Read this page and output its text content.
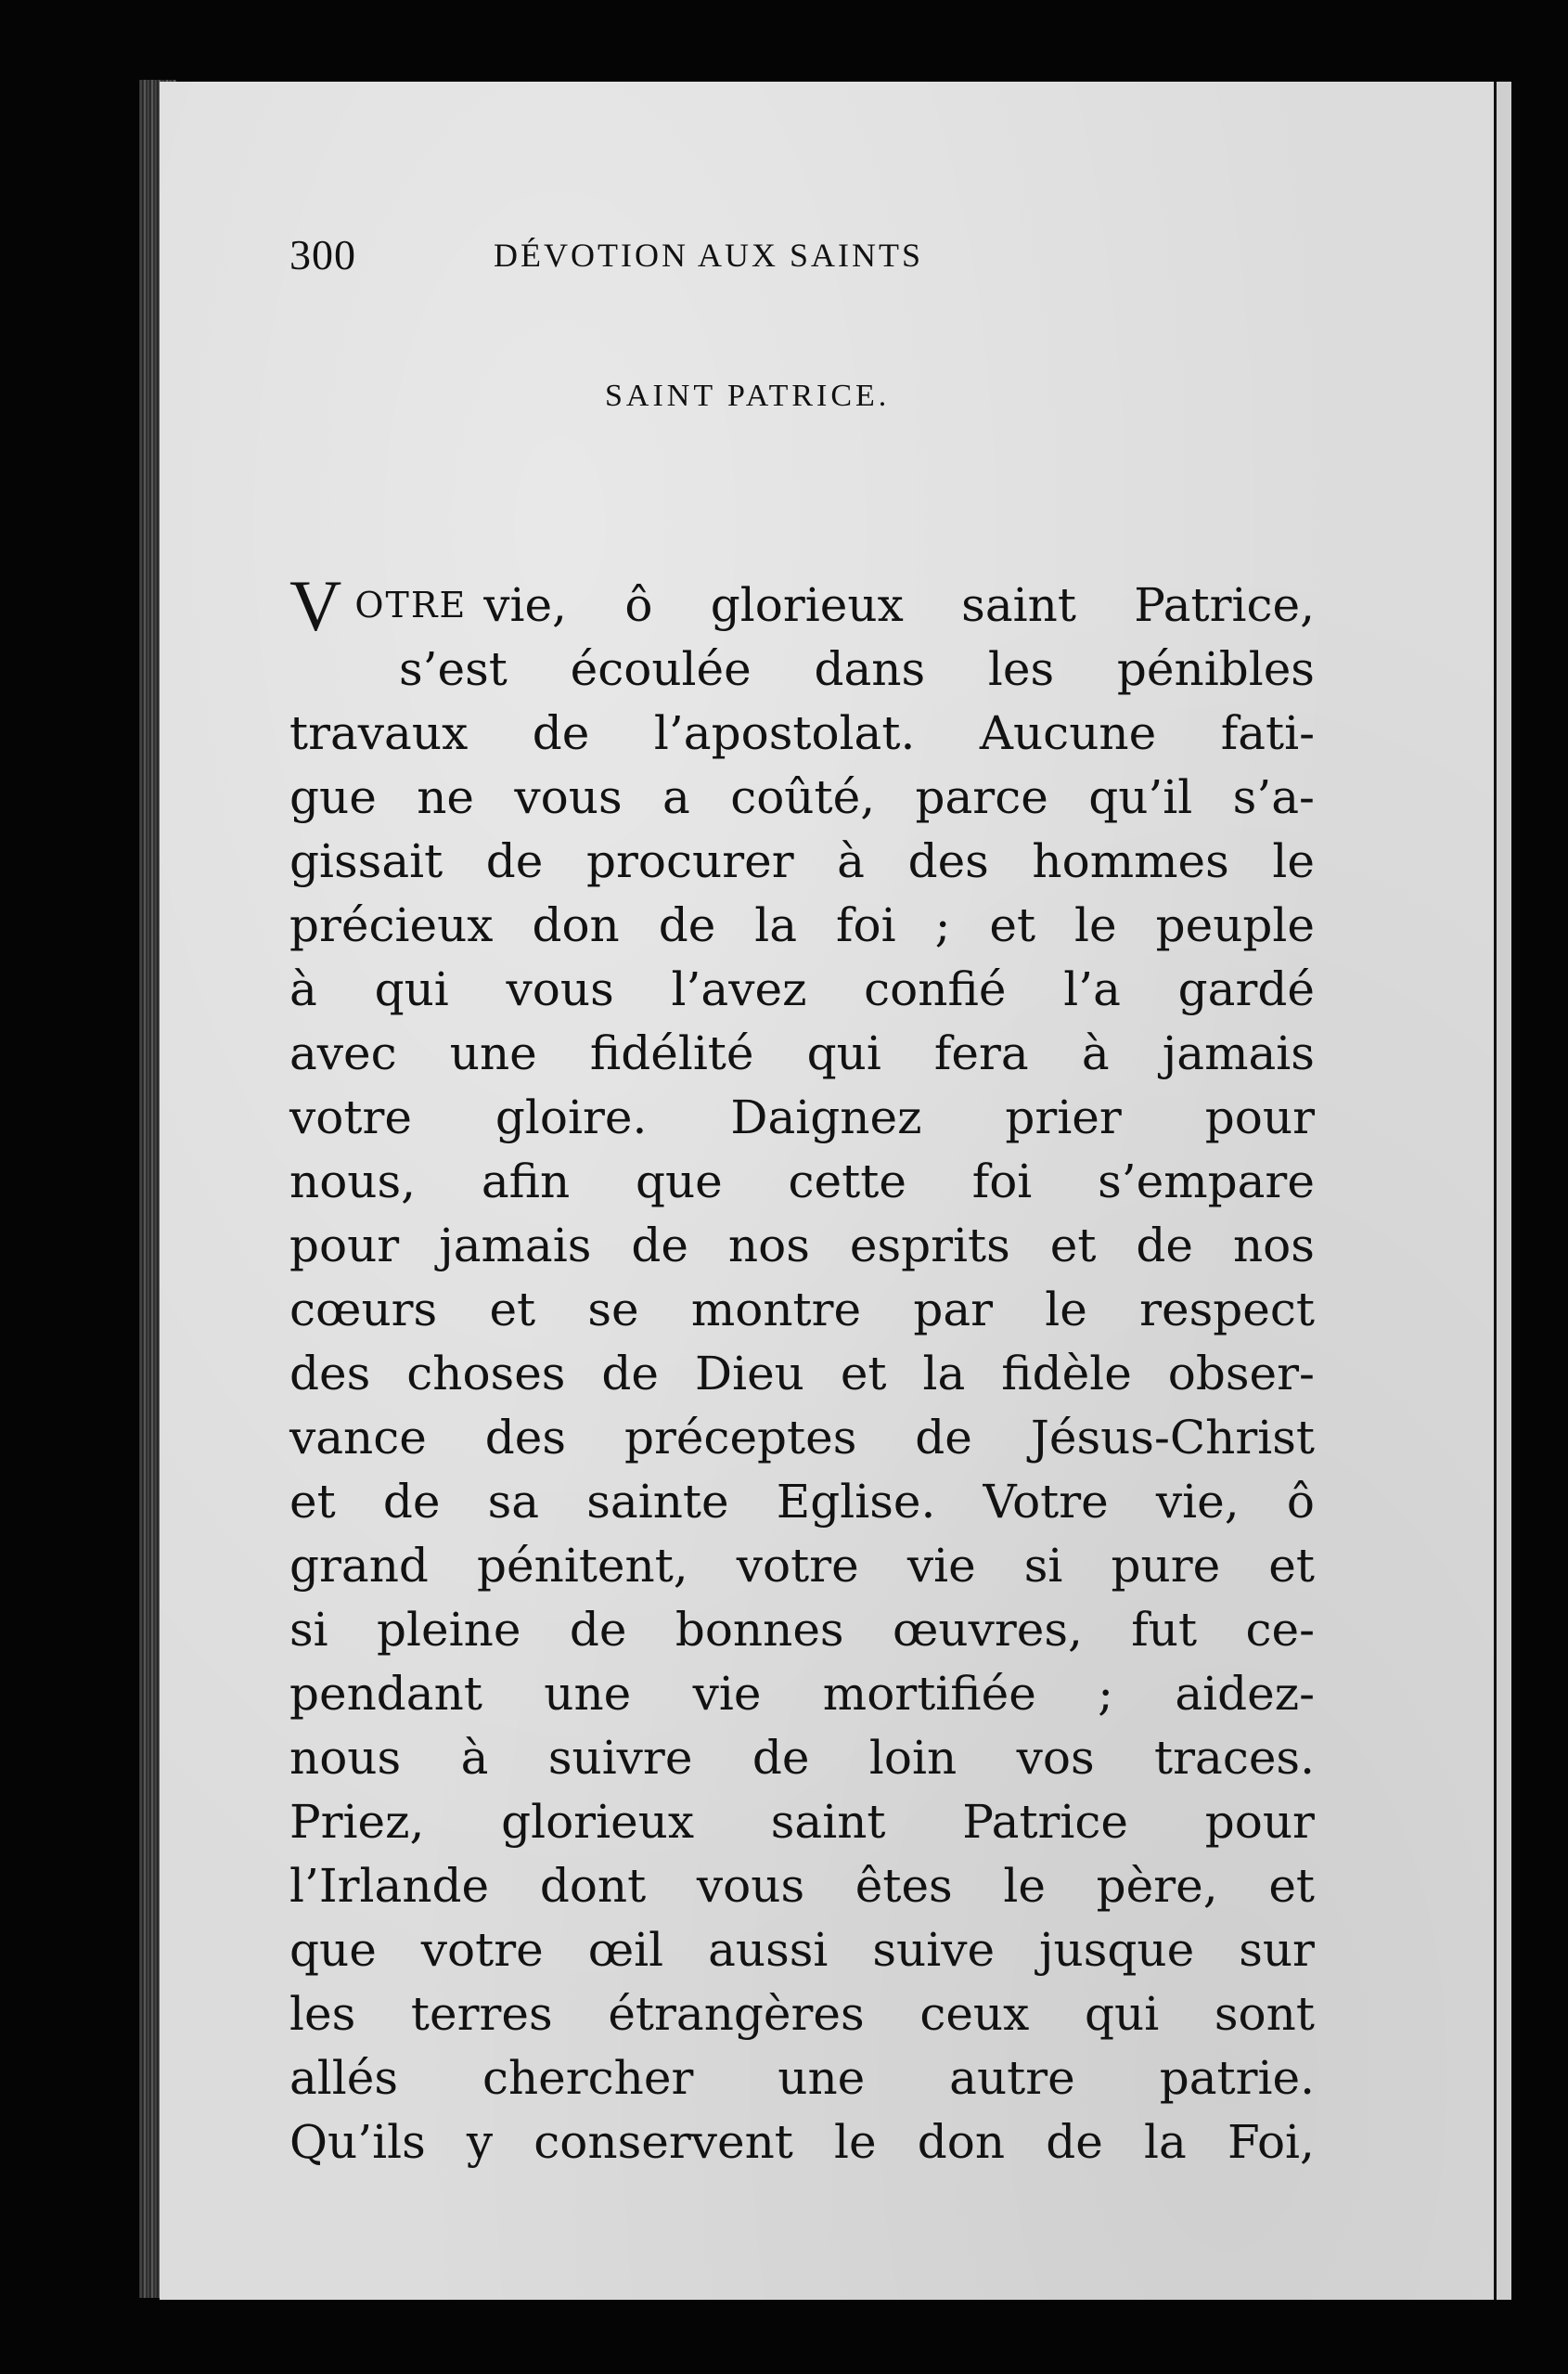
300	DÉVOTION AUX SAINTS
SAINT PATRICE.
V OTRE vie, ô glorieux saint Patrice,
s’est écoulée dans les pénibles
travaux de l’apostolat. Aucune fati-
gue ne vous a coûté, parce qu’il s’a-
gissait de procurer à des hommes le
précieux don de la foi ; et le peuple
à qui vous l’avez confié l’a gardé
avec une fidélité qui fera à jamais
votre gloire. Daignez prier pour
nous, afin que cette foi s’empare
pour jamais de nos esprits et de nos
cœurs et se montre par le respect
des choses de Dieu et la fidèle obser-
vance des préceptes de Jésus-Christ
et de sa sainte Eglise. Votre vie, ô
grand pénitent, votre vie si pure et
si pleine de bonnes œuvres, fut ce-
pendant une vie mortifiée ; aidez-
nous à suivre de loin vos traces.
Priez, glorieux saint Patrice pour
l’Irlande dont vous êtes le père, et
que votre œil aussi suive jusque sur
les terres étrangères ceux qui sont
allés chercher une autre patrie.
Qu’ils y conservent le don de la Foi,
